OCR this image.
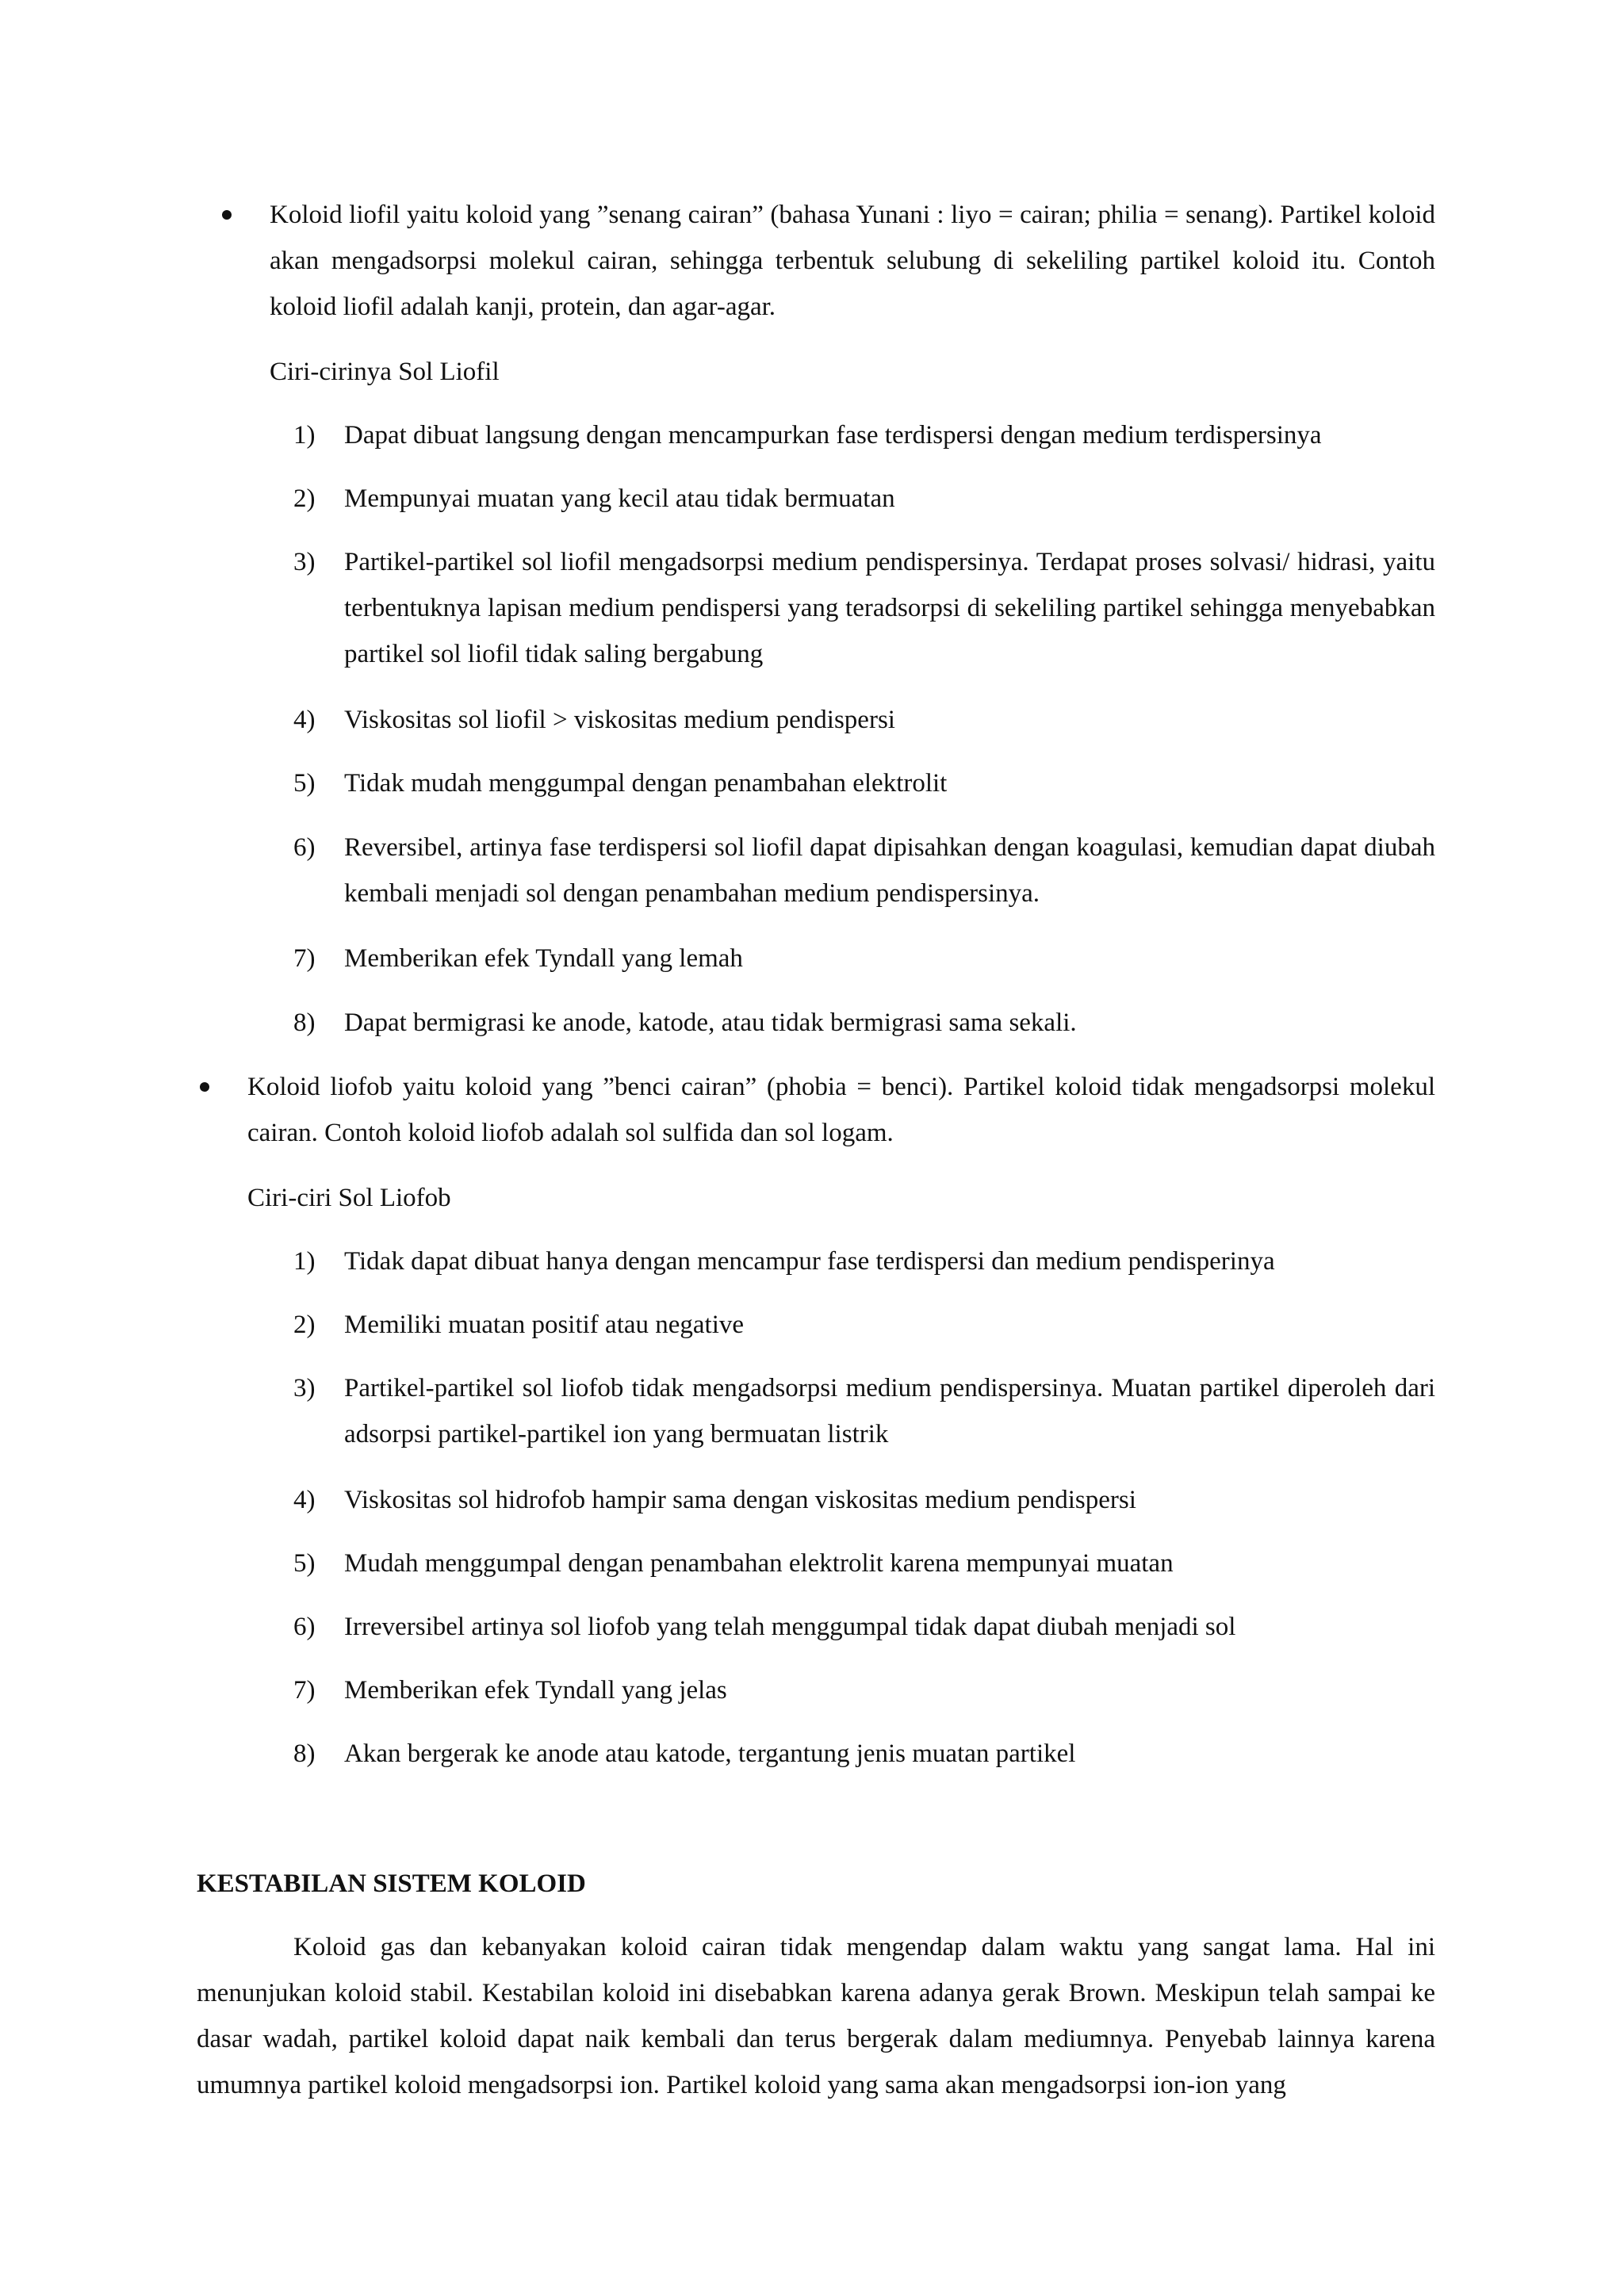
Koloid liofil yaitu koloid yang ”senang cairan” (bahasa Yunani : liyo = cairan; philia = senang). Partikel koloid akan mengadsorpsi molekul cairan, sehingga terbentuk selubung di sekeliling partikel koloid itu. Contoh koloid liofil adalah kanji, protein, dan agar-agar.
Ciri-cirinya Sol Liofil
1)	Dapat dibuat langsung dengan mencampurkan fase terdispersi dengan medium terdispersinya
2)	Mempunyai muatan yang kecil atau tidak bermuatan
3)	Partikel-partikel sol liofil mengadsorpsi medium pendispersinya. Terdapat proses solvasi/ hidrasi, yaitu terbentuknya lapisan medium pendispersi yang teradsorpsi di sekeliling partikel sehingga menyebabkan partikel sol liofil tidak saling bergabung
4)	Viskositas sol liofil > viskositas medium pendispersi
5)	Tidak mudah menggumpal dengan penambahan elektrolit
6)	Reversibel, artinya fase terdispersi sol liofil dapat dipisahkan dengan koagulasi, kemudian dapat diubah kembali menjadi sol dengan penambahan medium pendispersinya.
7)	Memberikan efek Tyndall yang lemah
8)	Dapat bermigrasi ke anode, katode, atau tidak bermigrasi sama sekali.
Koloid liofob yaitu koloid yang ”benci cairan” (phobia = benci). Partikel koloid tidak mengadsorpsi molekul cairan. Contoh koloid liofob adalah sol sulfida dan sol logam.
Ciri-ciri Sol Liofob
1)	Tidak dapat dibuat hanya dengan mencampur fase terdispersi dan medium pendisperinya
2)	Memiliki muatan positif atau negative
3)	Partikel-partikel sol liofob tidak mengadsorpsi medium pendispersinya. Muatan partikel diperoleh dari adsorpsi partikel-partikel ion yang bermuatan listrik
4)	Viskositas sol hidrofob hampir sama dengan viskositas medium pendispersi
5)	Mudah menggumpal dengan penambahan elektrolit karena mempunyai muatan
6)	Irreversibel artinya sol liofob yang telah menggumpal tidak dapat diubah menjadi sol
7)	Memberikan efek Tyndall yang jelas
8)	Akan bergerak ke anode atau katode, tergantung jenis muatan partikel
KESTABILAN SISTEM KOLOID
Koloid gas dan kebanyakan koloid cairan tidak mengendap dalam waktu yang sangat lama. Hal ini menunjukan koloid stabil. Kestabilan koloid ini disebabkan karena adanya gerak Brown. Meskipun telah sampai ke dasar wadah, partikel koloid dapat naik kembali dan terus bergerak dalam mediumnya. Penyebab lainnya karena umumnya partikel koloid mengadsorpsi ion. Partikel koloid yang sama akan mengadsorpsi ion-ion yang
